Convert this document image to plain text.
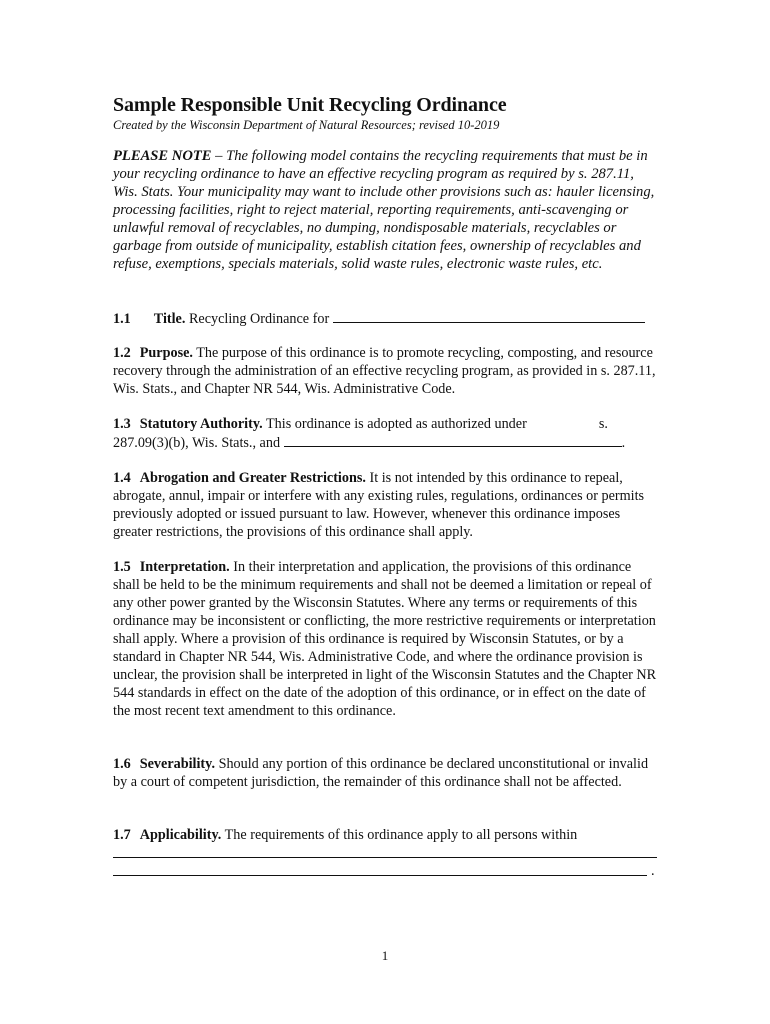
Sample Responsible Unit Recycling Ordinance
Created by the Wisconsin Department of Natural Resources; revised 10-2019
PLEASE NOTE – The following model contains the recycling requirements that must be in your recycling ordinance to have an effective recycling program as required by s. 287.11, Wis. Stats. Your municipality may want to include other provisions such as: hauler licensing, processing facilities, right to reject material, reporting requirements, anti-scavenging or unlawful removal of recyclables, no dumping, nondisposable materials, recyclables or garbage from outside of municipality, establish citation fees, ownership of recyclables and refuse, exemptions, specials materials, solid waste rules, electronic waste rules, etc.
1.1 Title. Recycling Ordinance for
1.2 Purpose. The purpose of this ordinance is to promote recycling, composting, and resource recovery through the administration of an effective recycling program, as provided in s. 287.11, Wis. Stats., and Chapter NR 544, Wis. Administrative Code.
1.3 Statutory Authority. This ordinance is adopted as authorized under	s.
287.09(3)(b), Wis. Stats., and	.
1.4 Abrogation and Greater Restrictions. It is not intended by this ordinance to repeal, abrogate, annul, impair or interfere with any existing rules, regulations, ordinances or permits previously adopted or issued pursuant to law. However, whenever this ordinance imposes greater restrictions, the provisions of this ordinance shall apply.
1.5 Interpretation. In their interpretation and application, the provisions of this ordinance shall be held to be the minimum requirements and shall not be deemed a limitation or repeal of any other power granted by the Wisconsin Statutes. Where any terms or requirements of this ordinance may be inconsistent or conflicting, the more restrictive requirements or interpretation shall apply. Where a provision of this ordinance is required by Wisconsin Statutes, or by a standard in Chapter NR 544, Wis. Administrative Code, and where the ordinance provision is unclear, the provision shall be interpreted in light of the Wisconsin Statutes and the Chapter NR 544 standards in effect on the date of the adoption of this ordinance, or in effect on the date of the most recent text amendment to this ordinance.
1.6 Severability. Should any portion of this ordinance be declared unconstitutional or invalid by a court of competent jurisdiction, the remainder of this ordinance shall not be affected.
1.7 Applicability. The requirements of this ordinance apply to all persons within
.
1
